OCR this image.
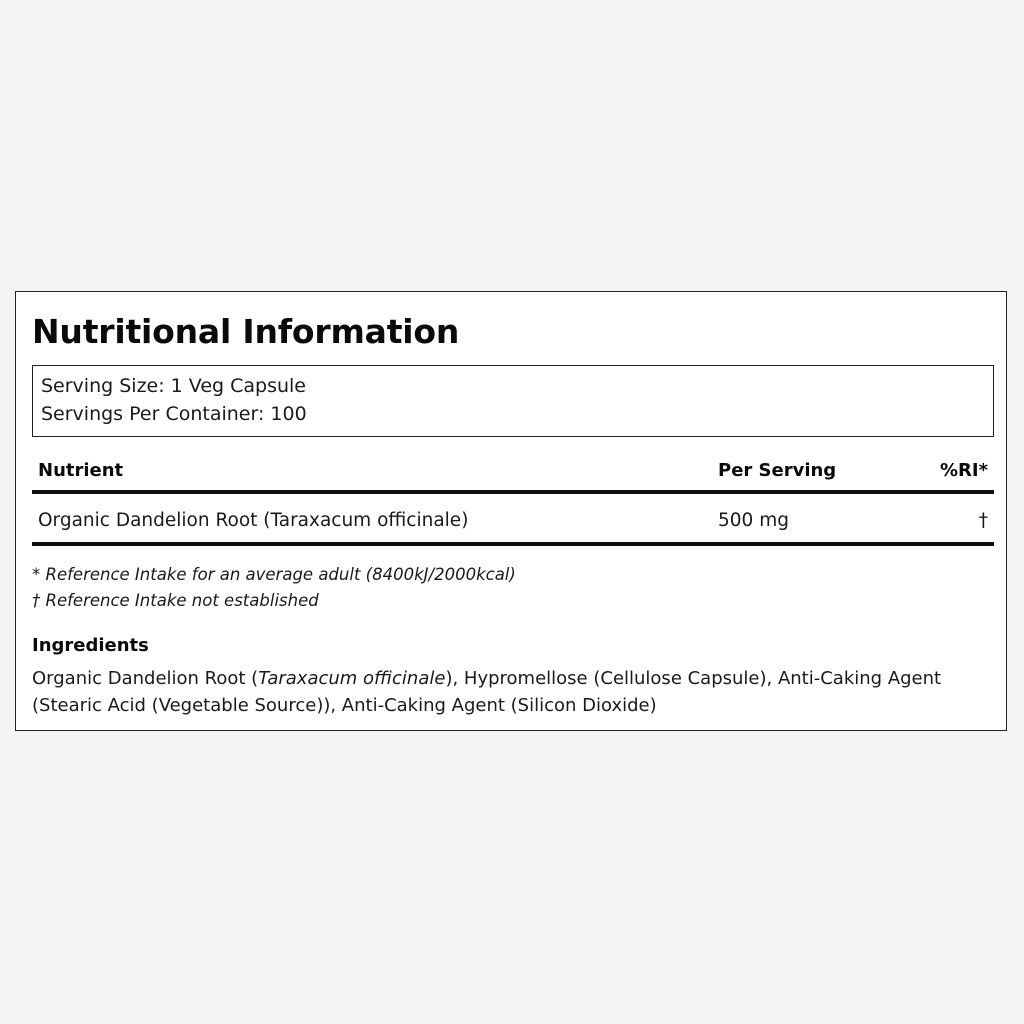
Nutritional Information
Serving Size: 1 Veg Capsule
Servings Per Container: 100
Nutrient	Per Serving	%RI*
Organic Dandelion Root (Taraxacum officinale)	500 mg	†
* Reference Intake for an average adult (8400kJ/2000kcal)
† Reference Intake not established
Ingredients
Organic Dandelion Root (Taraxacum officinale), Hypromellose (Cellulose Capsule), Anti-Caking Agent (Stearic Acid (Vegetable Source)), Anti-Caking Agent (Silicon Dioxide)
